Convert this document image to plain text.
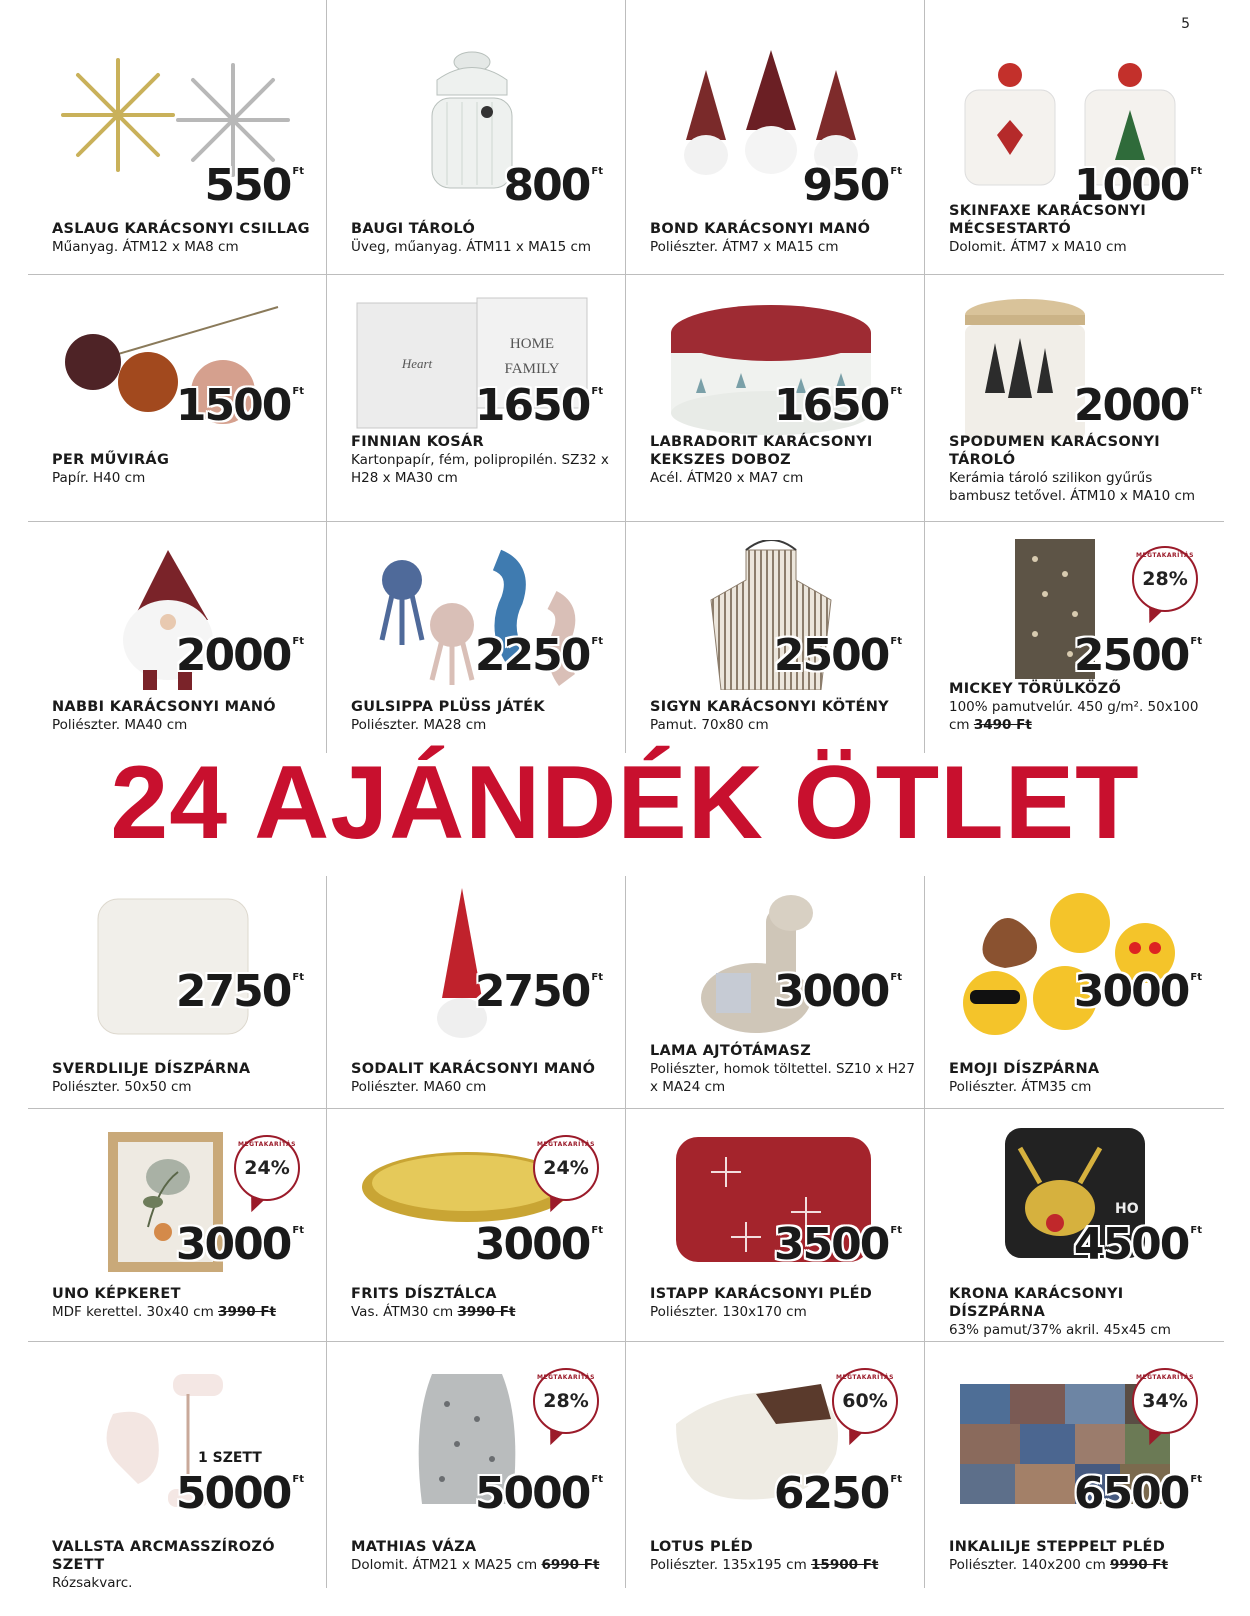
5
550 $^{Ft}$
ASLAUG KARÁCSONYI CSILLAG
Műanyag. ÁTM12 x MA8 cm
800 $^{Ft}$
BAUGI TÁROLÓ
Üveg, műanyag. ÁTM11 x MA15 cm
950 $^{Ft}$
BOND KARÁCSONYI MANÓ
Poliészter. ÁTM7 x MA15 cm
1000 $^{Ft}$
SKINFAXE KARÁCSONYI MÉCSESTARTÓ
Dolomit. ÁTM7 x MA10 cm
1500 $^{Ft}$
PER MŰVIRÁG
Papír. H40 cm
Heart
HOME
FAMILY
1650 $^{Ft}$
FINNIAN KOSÁR
Kartonpapír, fém, polipropilén. SZ32 x H28 x MA30 cm
1650 $^{Ft}$
LABRADORIT KARÁCSONYI KEKSZES DOBOZ
Acél. ÁTM20 x MA7 cm
2000 $^{Ft}$
SPODUMEN KARÁCSONYI TÁROLÓ
Kerámia tároló szilikon gyűrűs bambusz tetővel. ÁTM10 x MA10 cm
2000 $^{Ft}$
NABBI KARÁCSONYI MANÓ
Poliészter. MA40 cm
2250 $^{Ft}$
GULSIPPA PLÜSS JÁTÉK
Poliészter. MA28 cm
2500 $^{Ft}$
SIGYN KARÁCSONYI KÖTÉNY
Pamut. 70x80 cm
MEGTAKARÍTÁS
28%
2500 $^{Ft}$
MICKEY TÖRÜLKÖZŐ
100% pamutvelúr. 450 g/m². 50x100 cm 3490 Ft
24 AJÁNDÉK ÖTLET
2750 $^{Ft}$
SVERDLILJE DÍSZPÁRNA
Poliészter. 50x50 cm
2750 $^{Ft}$
SODALIT KARÁCSONYI MANÓ
Poliészter. MA60 cm
3000 $^{Ft}$
LAMA AJTÓTÁMASZ
Poliészter, homok töltettel. SZ10 x H27 x MA24 cm
3000 $^{Ft}$
EMOJI DÍSZPÁRNA
Poliészter. ÁTM35 cm
MEGTAKARÍTÁS
24%
3000 $^{Ft}$
UNO KÉPKERET
MDF kerettel. 30x40 cm 3990 Ft
MEGTAKARÍTÁS
24%
3000 $^{Ft}$
FRITS DÍSZTÁLCA
Vas. ÁTM30 cm 3990 Ft
3500 $^{Ft}$
ISTAPP KARÁCSONYI PLÉD
Poliészter. 130x170 cm
HO
4500 $^{Ft}$
KRONA KARÁCSONYI DÍSZPÁRNA
63% pamut/37% akril. 45x45 cm
1 SZETT
5000 $^{Ft}$
VALLSTA ARCMASSZÍROZÓ SZETT
Rózsakvarc.
MEGTAKARÍTÁS
28%
5000 $^{Ft}$
MATHIAS VÁZA
Dolomit. ÁTM21 x MA25 cm 6990 Ft
MEGTAKARÍTÁS
60%
6250 $^{Ft}$
LOTUS PLÉD
Poliészter. 135x195 cm 15900 Ft
MEGTAKARÍTÁS
34%
6500 $^{Ft}$
INKALILJE STEPPELT PLÉD
Poliészter. 140x200 cm 9990 Ft
